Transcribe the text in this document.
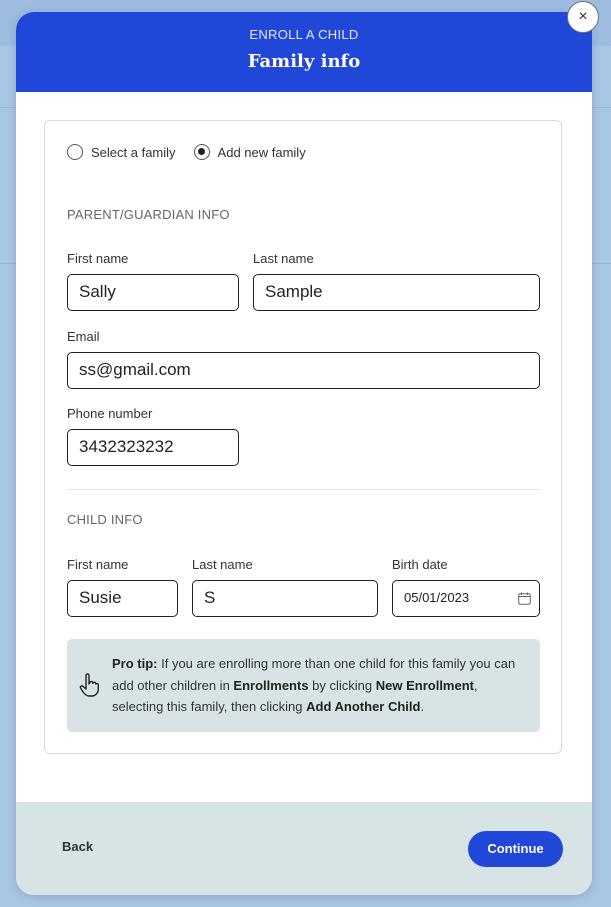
×
ENROLL A CHILD
Family info
Select a family	Add new family
PARENT/GUARDIAN INFO
First name
Sally
Last name
Sample
Email
ss@gmail.com
Phone number
3432323232
CHILD INFO
First name
Susie
Last name
S
Birth date
05/01/2023
Pro tip: If you are enrolling more than one child for this family you can add other children in Enrollments by clicking New Enrollment, selecting this family, then clicking Add Another Child.
Back	Continue
